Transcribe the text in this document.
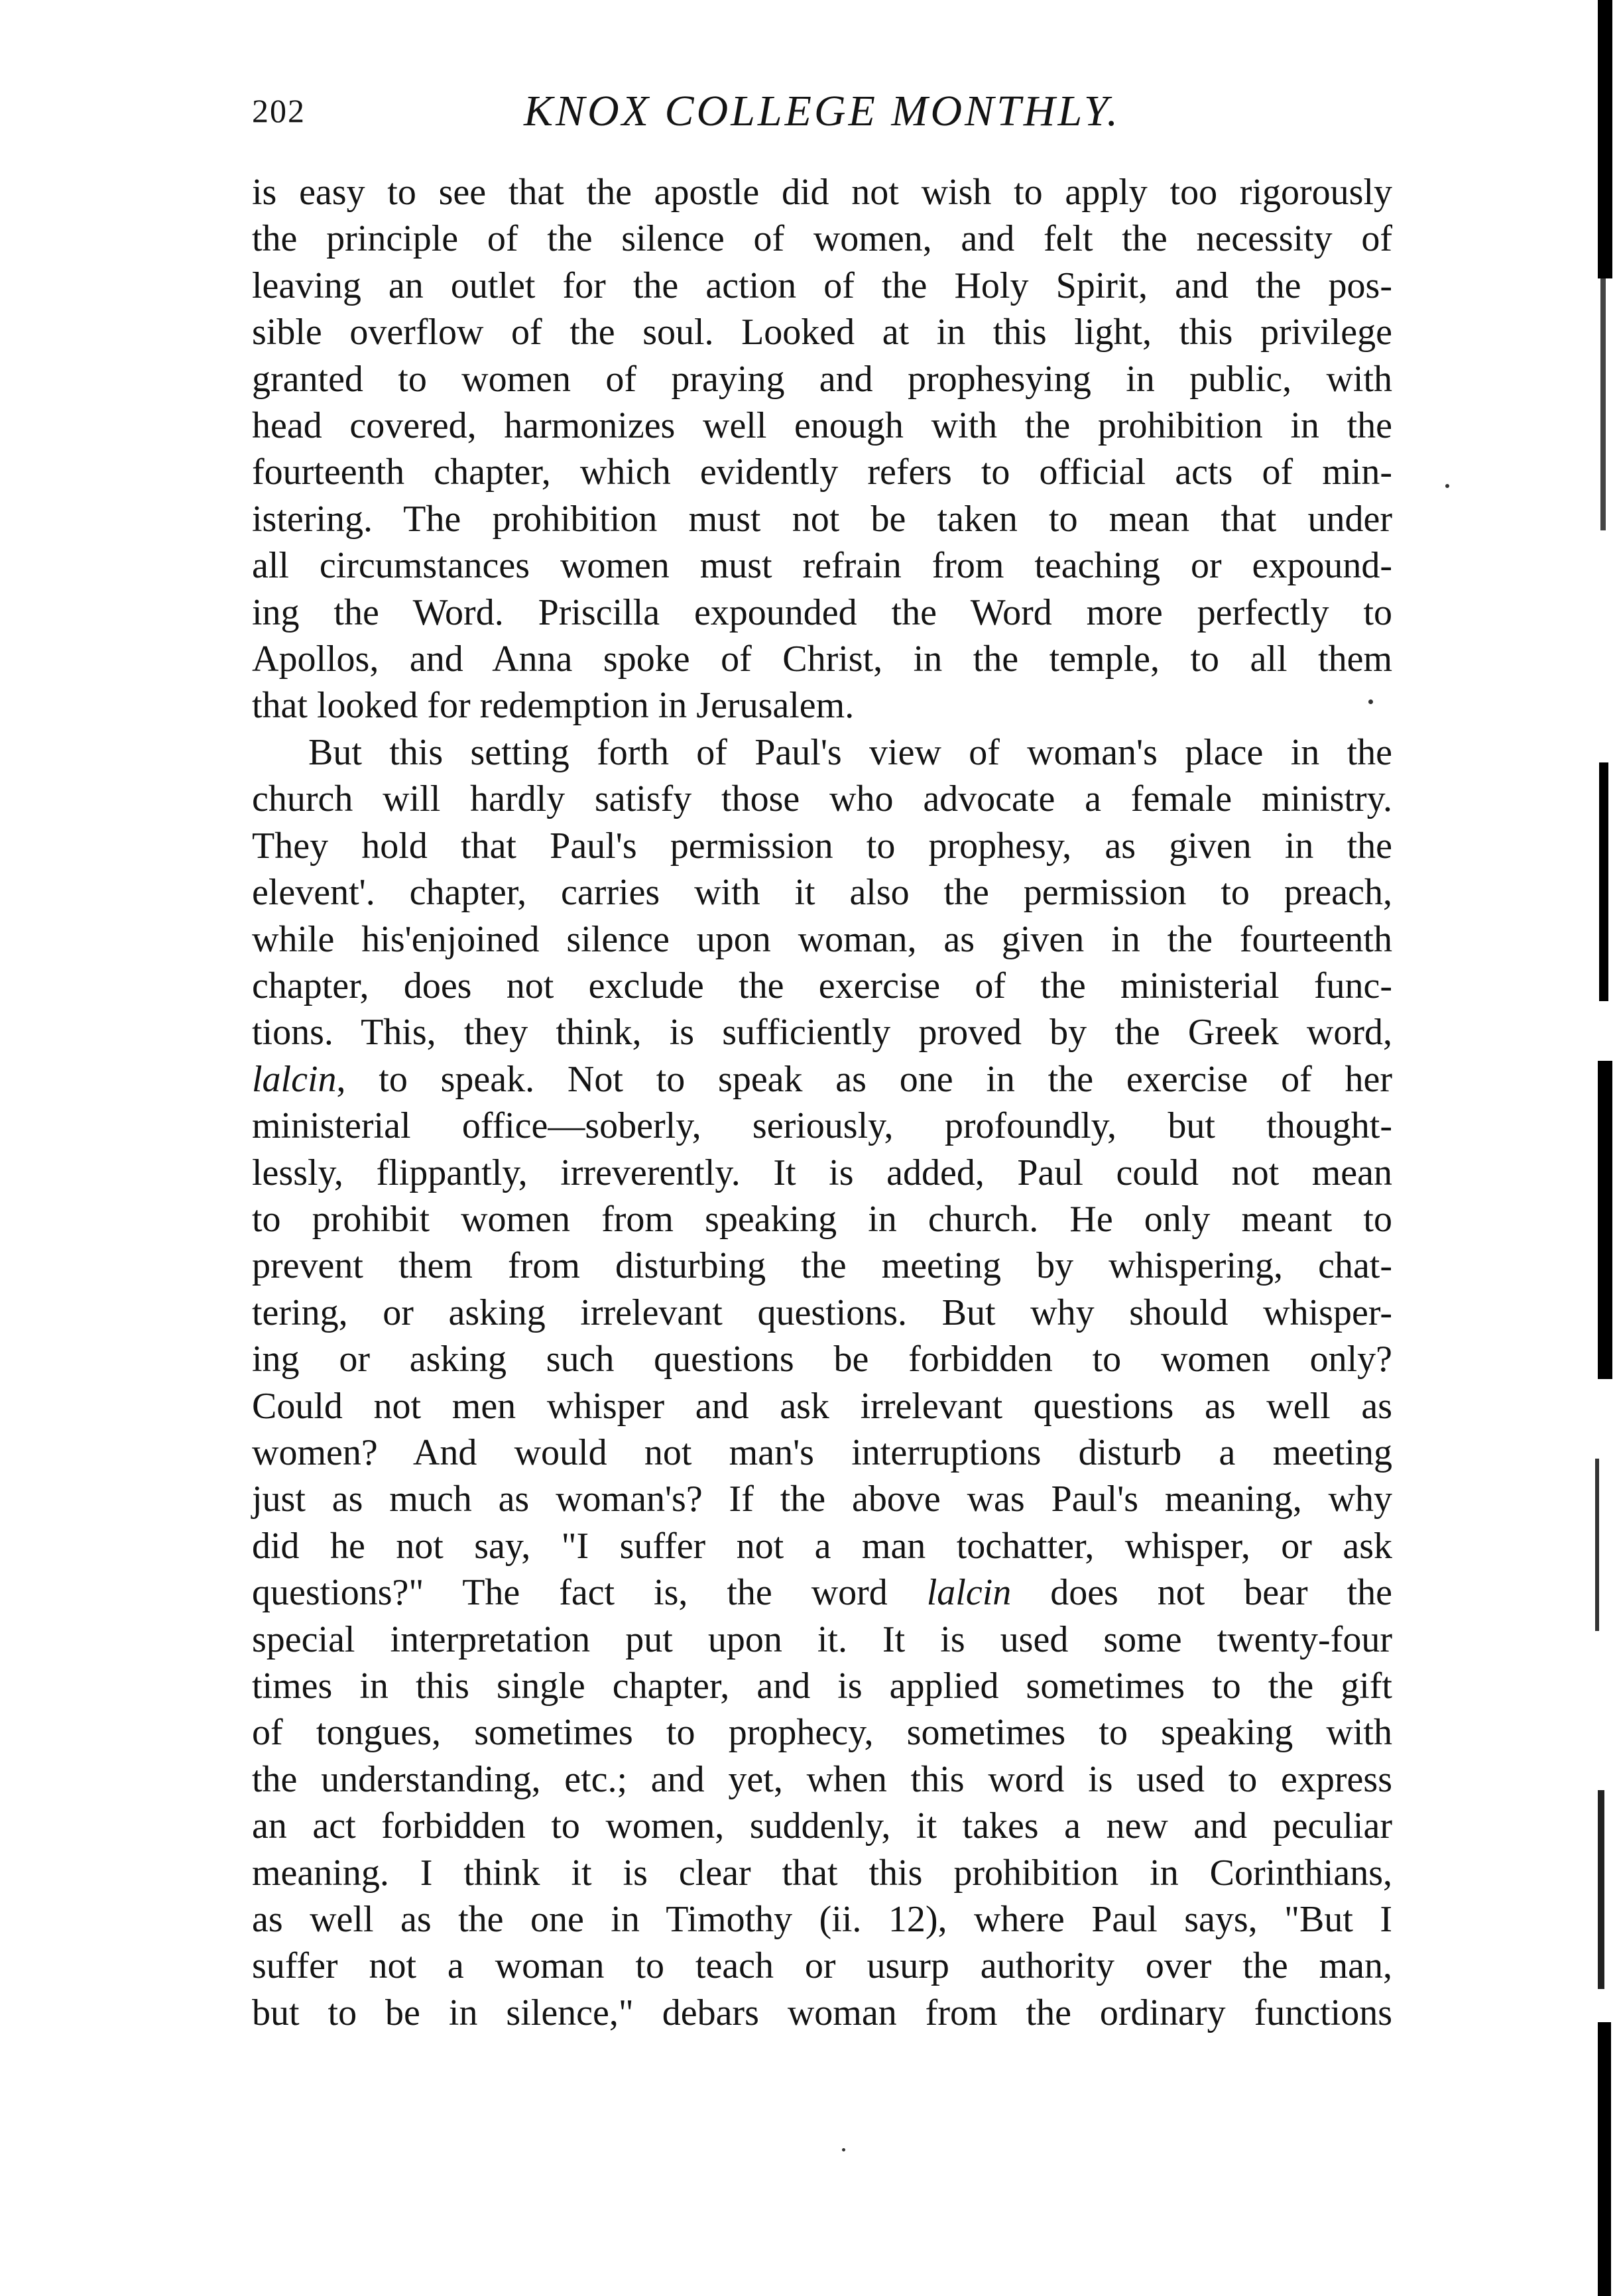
202	KNOX COLLEGE MONTHLY.
is easy to see that the apostle did not wish to apply too rigorously
the principle of the silence of women, and felt the necessity of
leaving an outlet for the action of the Holy Spirit, and the pos-
sible overflow of the soul. Looked at in this light, this privilege
granted to women of praying and prophesying in public, with
head covered, harmonizes well enough with the prohibition in the
fourteenth chapter, which evidently refers to official acts of min-
istering. The prohibition must not be taken to mean that under
all circumstances women must refrain from teaching or expound-
ing the Word. Priscilla expounded the Word more perfectly to
Apollos, and Anna spoke of Christ, in the temple, to all them
that looked for redemption in Jerusalem.
But this setting forth of Paul's view of woman's place in the
church will hardly satisfy those who advocate a female ministry.
They hold that Paul's permission to prophesy, as given in the
elevent'. chapter, carries with it also the permission to preach,
while his'enjoined silence upon woman, as given in the fourteenth
chapter, does not exclude the exercise of the ministerial func-
tions. This, they think, is sufficiently proved by the Greek word,
lalcin, to speak. Not to speak as one in the exercise of her
ministerial office—soberly, seriously, profoundly, but thought-
lessly, flippantly, irreverently. It is added, Paul could not mean
to prohibit women from speaking in church. He only meant to
prevent them from disturbing the meeting by whispering, chat-
tering, or asking irrelevant questions. But why should whisper-
ing or asking such questions be forbidden to women only?
Could not men whisper and ask irrelevant questions as well as
women? And would not man's interruptions disturb a meeting
just as much as woman's? If the above was Paul's meaning, why
did he not say, "I suffer not a man tochatter, whisper, or ask
questions?" The fact is, the word lalcin does not bear the
special interpretation put upon it. It is used some twenty-four
times in this single chapter, and is applied sometimes to the gift
of tongues, sometimes to prophecy, sometimes to speaking with
the understanding, etc.; and yet, when this word is used to express
an act forbidden to women, suddenly, it takes a new and peculiar
meaning. I think it is clear that this prohibition in Corinthians,
as well as the one in Timothy (ii. 12), where Paul says, "But I
suffer not a woman to teach or usurp authority over the man,
but to be in silence," debars woman from the ordinary functions
